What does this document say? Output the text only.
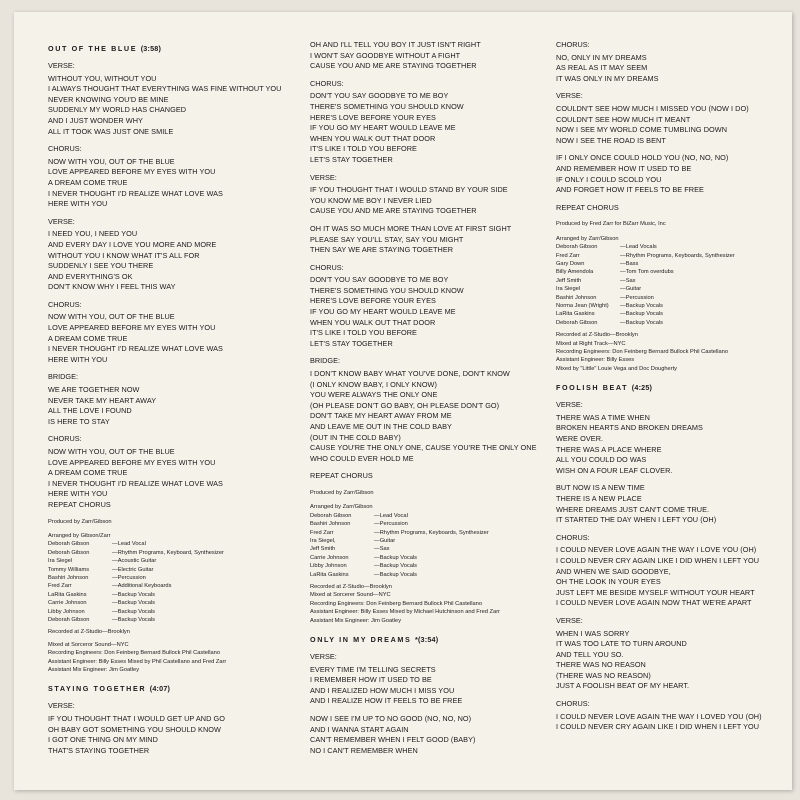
OUT OF THE BLUE (3:58)
VERSE:
WITHOUT YOU, WITHOUT YOU
I ALWAYS THOUGHT THAT EVERYTHING WAS FINE WITHOUT YOU
NEVER KNOWING YOU'D BE MINE
SUDDENLY MY WORLD HAS CHANGED
AND I JUST WONDER WHY
ALL IT TOOK WAS JUST ONE SMILE
CHORUS:
NOW WITH YOU, OUT OF THE BLUE
LOVE APPEARED BEFORE MY EYES WITH YOU
A DREAM COME TRUE
I NEVER THOUGHT I'D REALIZE WHAT LOVE WAS
HERE WITH YOU
VERSE:
I NEED YOU, I NEED YOU
AND EVERY DAY I LOVE YOU MORE AND MORE
WITHOUT YOU I KNOW WHAT IT'S ALL FOR
SUDDENLY I SEE YOU THERE
AND EVERYTHING'S OK
DON'T KNOW WHY I FEEL THIS WAY
CHORUS:
NOW WITH YOU, OUT OF THE BLUE
LOVE APPEARED BEFORE MY EYES WITH YOU
A DREAM COME TRUE
I NEVER THOUGHT I'D REALIZE WHAT LOVE WAS
HERE WITH YOU
BRIDGE:
WE ARE TOGETHER NOW
NEVER TAKE MY HEART AWAY
ALL THE LOVE I FOUND
IS HERE TO STAY
CHORUS:
NOW WITH YOU, OUT OF THE BLUE
LOVE APPEARED BEFORE MY EYES WITH YOU
A DREAM COME TRUE
I NEVER THOUGHT I'D REALIZE WHAT LOVE WAS
HERE WITH YOU
REPEAT CHORUS
Produced by Zarr/Gibson
Arranged by Gibson/Zarr
Deborah Gibson	—Lead Vocal
Deborah Gibson	—Rhythm Programs, Keyboard, Synthesizer
Ira Siegel	—Acoustic Guitar
Tommy Williams	—Electric Guitar
Bashiri Johnson	—Percussion
Fred Zarr	—Additional Keyboards
LaRita Gaskins	—Backup Vocals
Carrie Johnson	—Backup Vocals
Libby Johnson	—Backup Vocals
Deborah Gibson	—Backup Vocals
Recorded at Z-Studio—Brooklyn
Mixed at Sorceror Sound—NYC
Recording Engineers: Don Feinberg Bernard Bullock Phil Castellano
Assistant Engineer: Billy Esses Mixed by Phil Castellano and Fred Zarr
Assistant Mix Engineer: Jim Goatley
STAYING TOGETHER (4:07)
VERSE:
IF YOU THOUGHT THAT I WOULD GET UP AND GO
OH BABY GOT SOMETHING YOU SHOULD KNOW
I GOT ONE THING ON MY MIND
THAT'S STAYING TOGETHER
OH AND I'LL TELL YOU BOY IT JUST ISN'T RIGHT
I WON'T SAY GOODBYE WITHOUT A FIGHT
CAUSE YOU AND ME ARE STAYING TOGETHER
CHORUS:
DON'T YOU SAY GOODBYE TO ME BOY
THERE'S SOMETHING YOU SHOULD KNOW
HERE'S LOVE BEFORE YOUR EYES
IF YOU GO MY HEART WOULD LEAVE ME
WHEN YOU WALK OUT THAT DOOR
IT'S LIKE I TOLD YOU BEFORE
LET'S STAY TOGETHER
VERSE:
IF YOU THOUGHT THAT I WOULD STAND BY YOUR SIDE
YOU KNOW ME BOY I NEVER LIED
CAUSE YOU AND ME ARE STAYING TOGETHER
OH IT WAS SO MUCH MORE THAN LOVE AT FIRST SIGHT
PLEASE SAY YOU'LL STAY, SAY YOU MIGHT
THEN SAY WE ARE STAYING TOGETHER
CHORUS:
DON'T YOU SAY GOODBYE TO ME BOY
THERE'S SOMETHING YOU SHOULD KNOW
HERE'S LOVE BEFORE YOUR EYES
IF YOU GO MY HEART WOULD LEAVE ME
WHEN YOU WALK OUT THAT DOOR
IT'S LIKE I TOLD YOU BEFORE
LET'S STAY TOGETHER
BRIDGE:
I DON'T KNOW BABY WHAT YOU'VE DONE, DON'T KNOW
(I ONLY KNOW BABY, I ONLY KNOW)
YOU WERE ALWAYS THE ONLY ONE
(OH PLEASE DON'T GO BABY, OH PLEASE DON'T GO)
DON'T TAKE MY HEART AWAY FROM ME
AND LEAVE ME OUT IN THE COLD BABY
(OUT IN THE COLD BABY)
CAUSE YOU'RE THE ONLY ONE, CAUSE YOU'RE THE ONLY ONE
WHO COULD EVER HOLD ME
REPEAT CHORUS
Produced by Zarr/Gibson
Arranged by Zarr/Gibson
Deborah Gibson	—Lead Vocal
Bashiri Johnson	—Percussion
Fred Zarr	—Rhythm Programs, Keyboards, Synthesizer
Ira Siegel,	—Guitar
Jeff Smith	—Sax
Carrie Johnson	—Backup Vocals
Libby Johnson	—Backup Vocals
LaRita Gaskins	—Backup Vocals
Recorded at Z-Studio—Brooklyn
Mixed at Sorcerer Sound—NYC
Recording Engineers: Don Feinberg Bernard Bullock Phil Castellano
Assistant Engineer: Billy Esses Mixed by Michael Hutchinson and Fred Zarr
Assistant Mix Engineer: Jim Goatley
ONLY IN MY DREAMS *(3:54)
VERSE:
EVERY TIME I'M TELLING SECRETS
I REMEMBER HOW IT USED TO BE
AND I REALIZED HOW MUCH I MISS YOU
AND I REALIZE HOW IT FEELS TO BE FREE
NOW I SEE I'M UP TO NO GOOD (NO, NO, NO)
AND I WANNA START AGAIN
CAN'T REMEMBER WHEN I FELT GOOD (BABY)
NO I CAN'T REMEMBER WHEN
CHORUS:
NO, ONLY IN MY DREAMS
AS REAL AS IT MAY SEEM
IT WAS ONLY IN MY DREAMS
VERSE:
COULDN'T SEE HOW MUCH I MISSED YOU (NOW I DO)
COULDN'T SEE HOW MUCH IT MEANT
NOW I SEE MY WORLD COME TUMBLING DOWN
NOW I SEE THE ROAD IS BENT
IF I ONLY ONCE COULD HOLD YOU (NO, NO, NO)
AND REMEMBER HOW IT USED TO BE
IF ONLY I COULD SCOLD YOU
AND FORGET HOW IT FEELS TO BE FREE
REPEAT CHORUS
Produced by Fred Zarr for BiZarr Music, Inc
Arranged by Zarr/Gibson
Deborah Gibson	—Lead Vocals
Fred Zarr	—Rhythm Programs, Keyboards, Synthesizer
Gary Down	—Bass
Billy Amendola	—Tom Tom overdubs
Jeff Smith	—Sax
Ira Siegel	—Guitar
Bashiri Johnson	—Percussion
Norma Jean (Wright)	—Backup Vocals
LaRita Gaskins	—Backup Vocals
Deborah Gibson	—Backup Vocals
Recorded at Z-Studio—Brooklyn
Mixed at Right Track—NYC
Recording Engineers: Don Feinberg Bernard Bullock Phil Castellano
Assistant Engineer: Billy Esses
Mixed by "Little" Louie Vega and Doc Dougherty
FOOLISH BEAT (4:25)
VERSE:
THERE WAS A TIME WHEN
BROKEN HEARTS AND BROKEN DREAMS
WERE OVER.
THERE WAS A PLACE WHERE
ALL YOU COULD DO WAS
WISH ON A FOUR LEAF CLOVER.
BUT NOW IS A NEW TIME
THERE IS A NEW PLACE
WHERE DREAMS JUST CAN'T COME TRUE.
IT STARTED THE DAY WHEN I LEFT YOU (OH)
CHORUS:
I COULD NEVER LOVE AGAIN THE WAY I LOVE YOU (OH)
I COULD NEVER CRY AGAIN LIKE I DID WHEN I LEFT YOU
AND WHEN WE SAID GOODBYE,
OH THE LOOK IN YOUR EYES
JUST LEFT ME BESIDE MYSELF WITHOUT YOUR HEART
I COULD NEVER LOVE AGAIN NOW THAT WE'RE APART
VERSE:
WHEN I WAS SORRY
IT WAS TOO LATE TO TURN AROUND
AND TELL YOU SO.
THERE WAS NO REASON
(THERE WAS NO REASON)
JUST A FOOLISH BEAT OF MY HEART.
CHORUS:
I COULD NEVER LOVE AGAIN THE WAY I LOVED YOU (OH)
I COULD NEVER CRY AGAIN LIKE I DID WHEN I LEFT YOU
